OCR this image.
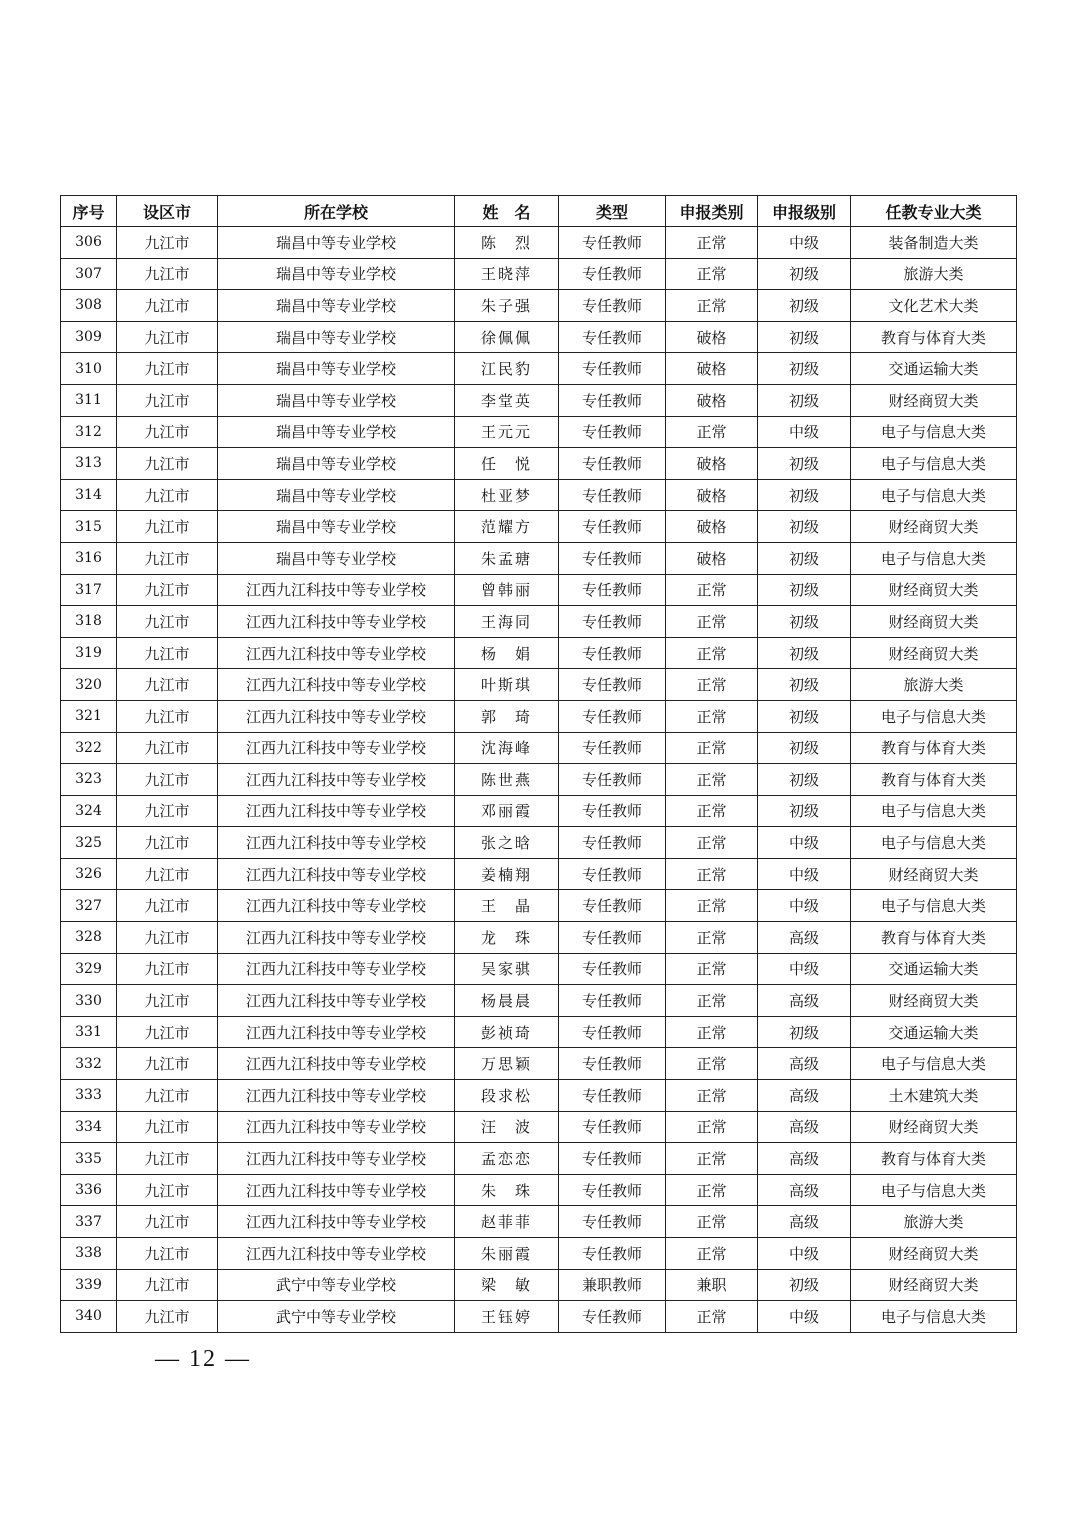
序号	设区市	所在学校	姓　名	类型	申报类别	申报级别	任教专业大类
306	九江市	瑞昌中等专业学校	陈　烈	专任教师	正常	中级	装备制造大类
307	九江市	瑞昌中等专业学校	王晓萍	专任教师	正常	初级	旅游大类
308	九江市	瑞昌中等专业学校	朱子强	专任教师	正常	初级	文化艺术大类
309	九江市	瑞昌中等专业学校	徐佩佩	专任教师	破格	初级	教育与体育大类
310	九江市	瑞昌中等专业学校	江民豹	专任教师	破格	初级	交通运输大类
311	九江市	瑞昌中等专业学校	李堂英	专任教师	破格	初级	财经商贸大类
312	九江市	瑞昌中等专业学校	王元元	专任教师	正常	中级	电子与信息大类
313	九江市	瑞昌中等专业学校	任　悦	专任教师	破格	初级	电子与信息大类
314	九江市	瑞昌中等专业学校	杜亚梦	专任教师	破格	初级	电子与信息大类
315	九江市	瑞昌中等专业学校	范耀方	专任教师	破格	初级	财经商贸大类
316	九江市	瑞昌中等专业学校	朱孟瑭	专任教师	破格	初级	电子与信息大类
317	九江市	江西九江科技中等专业学校	曾韩丽	专任教师	正常	初级	财经商贸大类
318	九江市	江西九江科技中等专业学校	王海同	专任教师	正常	初级	财经商贸大类
319	九江市	江西九江科技中等专业学校	杨　娟	专任教师	正常	初级	财经商贸大类
320	九江市	江西九江科技中等专业学校	叶斯琪	专任教师	正常	初级	旅游大类
321	九江市	江西九江科技中等专业学校	郭　琦	专任教师	正常	初级	电子与信息大类
322	九江市	江西九江科技中等专业学校	沈海峰	专任教师	正常	初级	教育与体育大类
323	九江市	江西九江科技中等专业学校	陈世燕	专任教师	正常	初级	教育与体育大类
324	九江市	江西九江科技中等专业学校	邓丽霞	专任教师	正常	初级	电子与信息大类
325	九江市	江西九江科技中等专业学校	张之晗	专任教师	正常	中级	电子与信息大类
326	九江市	江西九江科技中等专业学校	姜楠翔	专任教师	正常	中级	财经商贸大类
327	九江市	江西九江科技中等专业学校	王　晶	专任教师	正常	中级	电子与信息大类
328	九江市	江西九江科技中等专业学校	龙　珠	专任教师	正常	高级	教育与体育大类
329	九江市	江西九江科技中等专业学校	吴家骐	专任教师	正常	中级	交通运输大类
330	九江市	江西九江科技中等专业学校	杨晨晨	专任教师	正常	高级	财经商贸大类
331	九江市	江西九江科技中等专业学校	彭祯琦	专任教师	正常	初级	交通运输大类
332	九江市	江西九江科技中等专业学校	万思颖	专任教师	正常	高级	电子与信息大类
333	九江市	江西九江科技中等专业学校	段求松	专任教师	正常	高级	土木建筑大类
334	九江市	江西九江科技中等专业学校	汪　波	专任教师	正常	高级	财经商贸大类
335	九江市	江西九江科技中等专业学校	孟恋恋	专任教师	正常	高级	教育与体育大类
336	九江市	江西九江科技中等专业学校	朱　珠	专任教师	正常	高级	电子与信息大类
337	九江市	江西九江科技中等专业学校	赵菲菲	专任教师	正常	高级	旅游大类
338	九江市	江西九江科技中等专业学校	朱丽霞	专任教师	正常	中级	财经商贸大类
339	九江市	武宁中等专业学校	梁　敏	兼职教师	兼职	初级	财经商贸大类
340	九江市	武宁中等专业学校	王钰婷	专任教师	正常	中级	电子与信息大类
— 12 —
